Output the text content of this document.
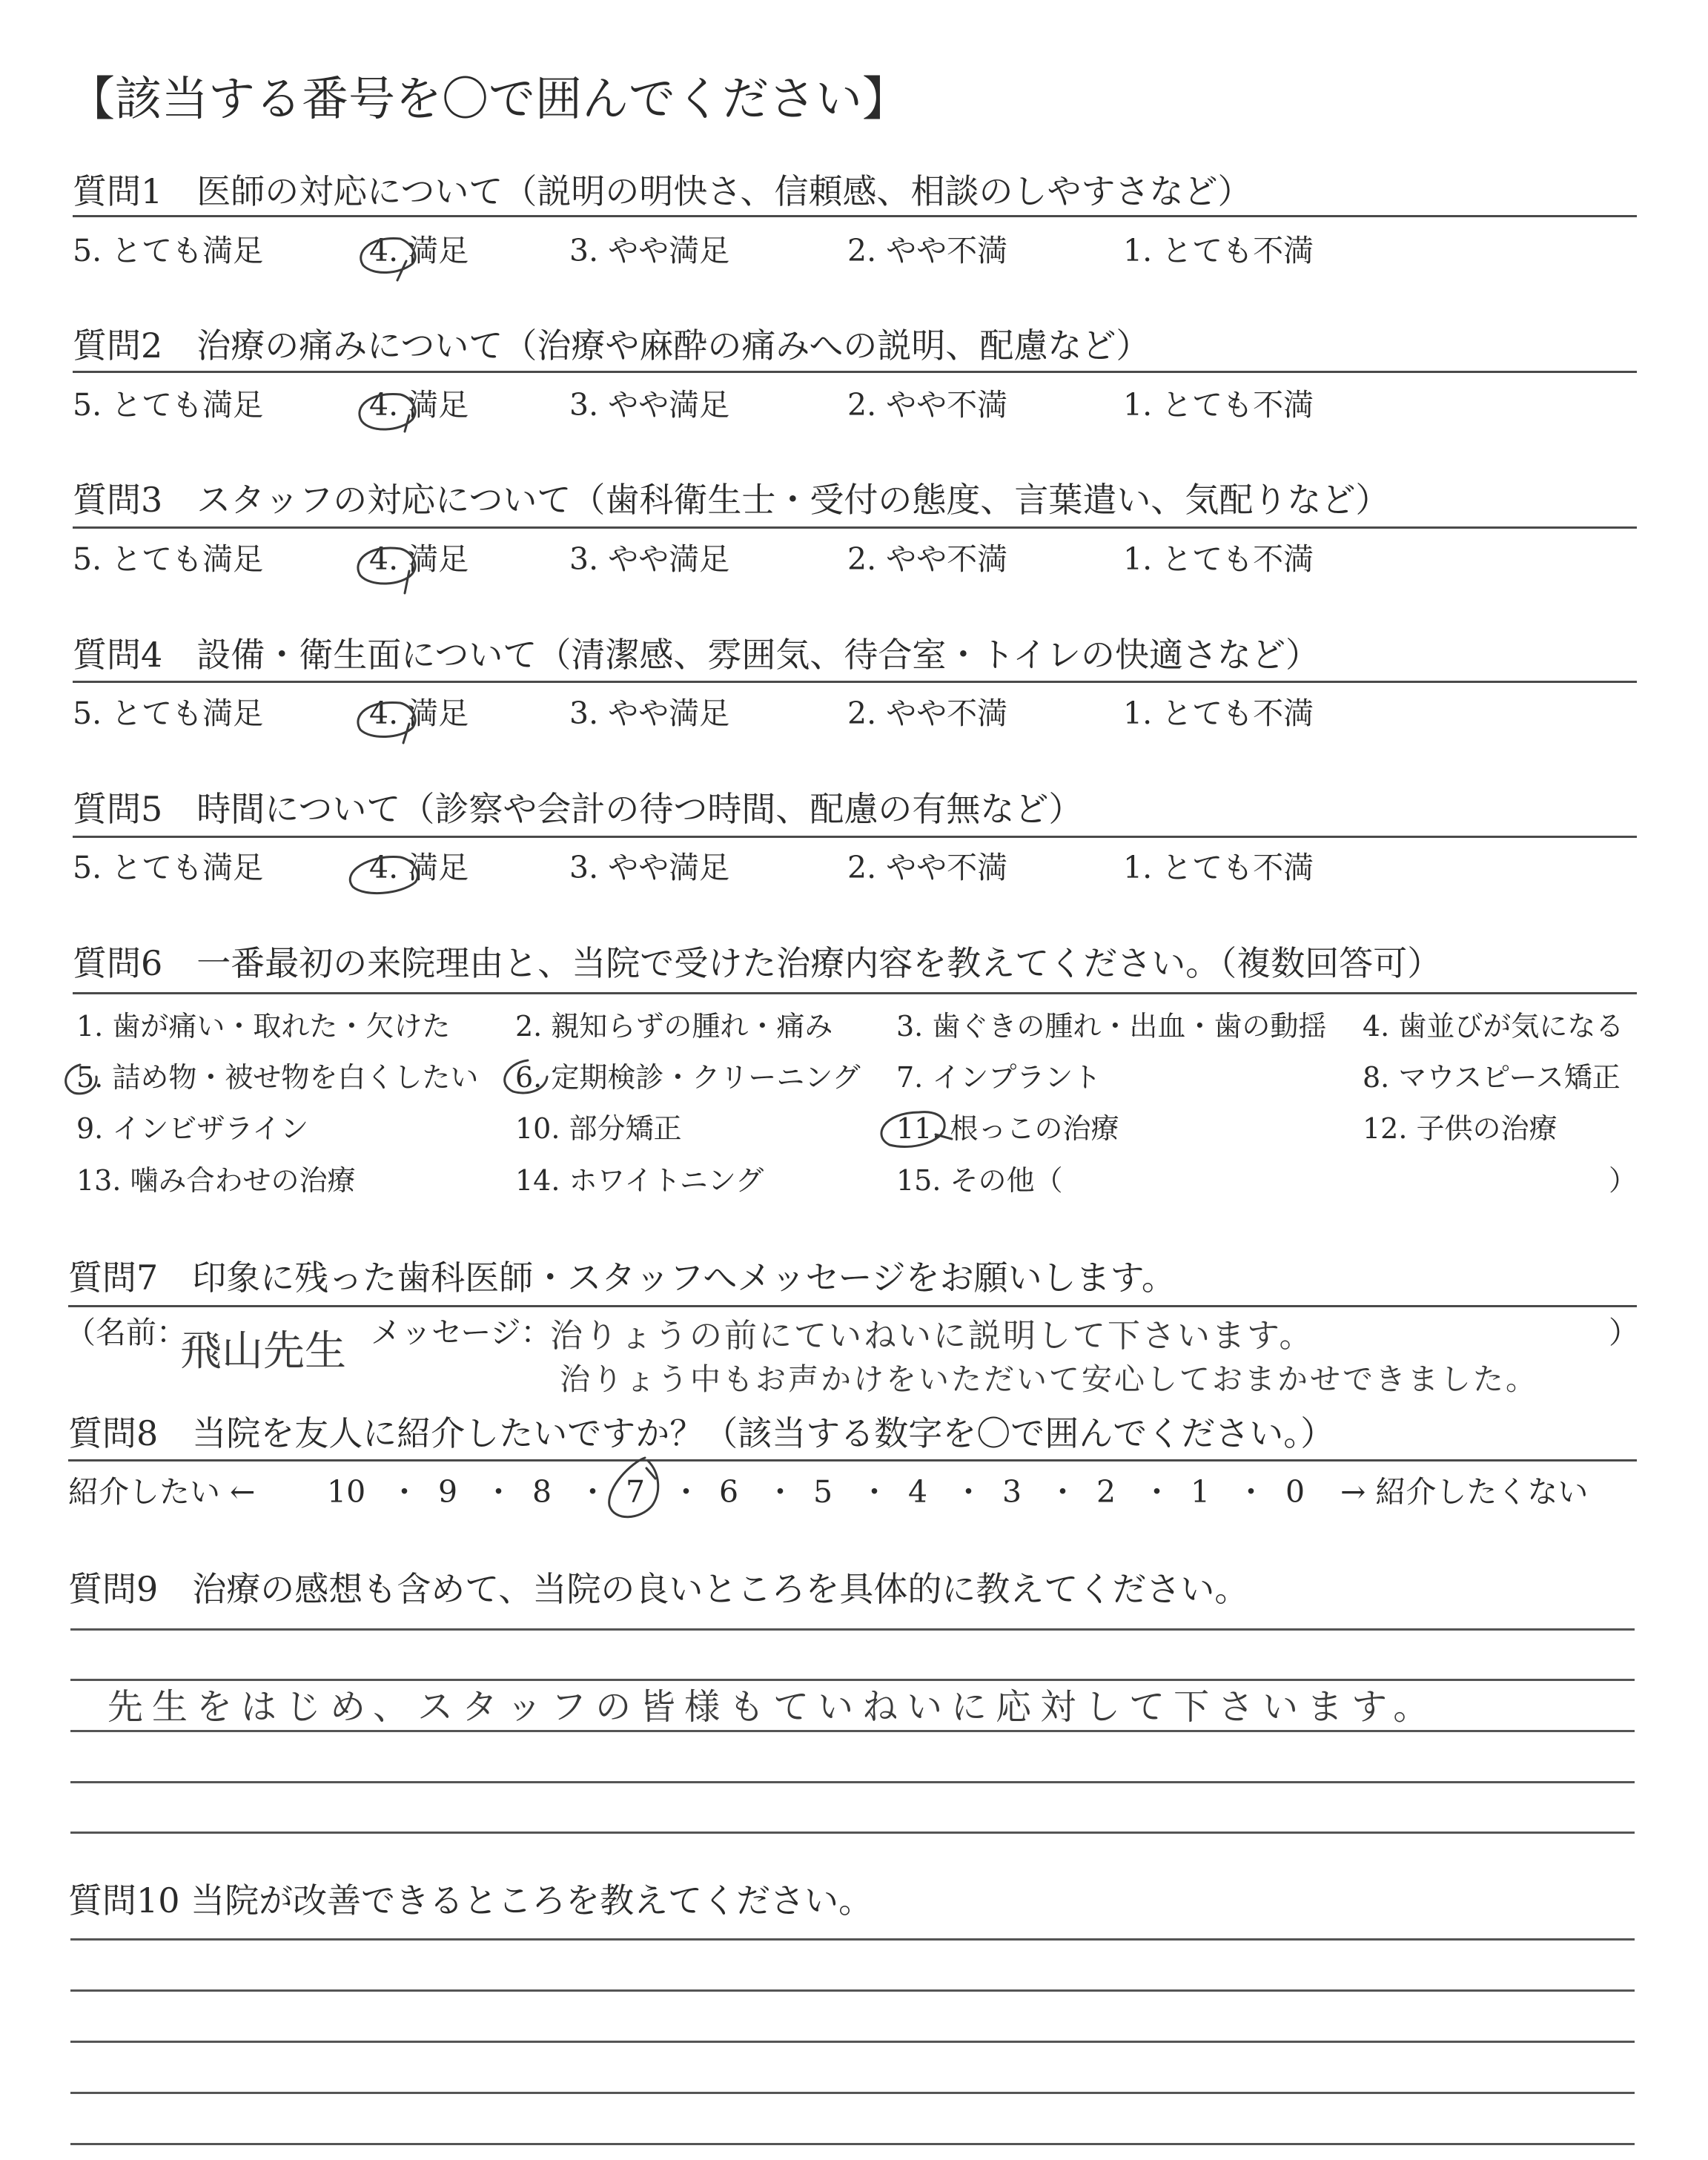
【該当する番号を〇で囲んでください】
質問1　医師の対応について（説明の明快さ、信頼感、相談のしやすさなど）
5. とても満足	4. 満足	3. やや満足	2. やや不満	1. とても不満
質問2　治療の痛みについて（治療や麻酔の痛みへの説明、配慮など）
5. とても満足	4. 満足	3. やや満足	2. やや不満	1. とても不満
質問3　スタッフの対応について（歯科衛生士・受付の態度、言葉遣い、気配りなど）
5. とても満足	4. 満足	3. やや満足	2. やや不満	1. とても不満
質問4　設備・衛生面について（清潔感、雰囲気、待合室・トイレの快適さなど）
5. とても満足	4. 満足	3. やや満足	2. やや不満	1. とても不満
質問5　時間について（診察や会計の待つ時間、配慮の有無など）
5. とても満足	4. 満足	3. やや満足	2. やや不満	1. とても不満
質問6　一番最初の来院理由と、当院で受けた治療内容を教えてください。（複数回答可）
1. 歯が痛い・取れた・欠けた 2. 親知らずの腫れ・痛み 3. 歯ぐきの腫れ・出血・歯の動揺 4. 歯並びが気になる
5. 詰め物・被せ物を白くしたい 6. 定期検診・クリーニング 7. インプラント	8. マウスピース矯正
9. インビザライン	10. 部分矯正	11. 根っこの治療	12. 子供の治療
13. 噛み合わせの治療	14. ホワイトニング	15. その他（	）
質問7　印象に残った歯科医師・スタッフへメッセージをお願いします。
（名前：
飛山先生 メッセージ：
治りょうの前にていねいに説明して下さいます。
治りょう中もお声かけをいただいて安心しておまかせできました。
）
質問8　当院を友人に紹介したいですか？（該当する数字を〇で囲んでください。）
紹介したい ← 10 ・ 9 ・ 8 ・ 7 ・ 6 ・ 5 ・ 4 ・ 3 ・ 2 ・ 1 ・ 0 → 紹介したくない
質問9　治療の感想も含めて、当院の良いところを具体的に教えてください。
先生をはじめ、スタッフの皆様もていねいに応対して下さいます。
質問10 当院が改善できるところを教えてください。
